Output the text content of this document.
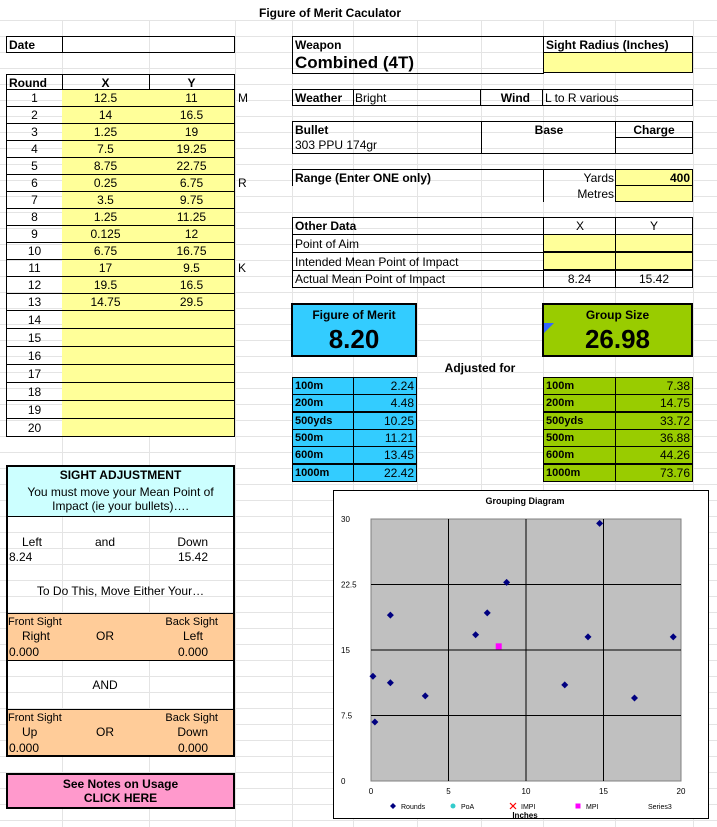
Figure of Merit Caculator
Date
Round	X	Y
1	12.5	11	M
2	14	16.5
3	1.25	19
4	7.5	19.25
5	8.75	22.75
6	0.25	6.75	R
7	3.5	9.75
8	1.25	11.25
9	0.125	12
10	6.75	16.75
11	17	9.5	K
12	19.5	16.5
13	14.75	29.5
14
15
16
17
18
19
20
Weapon
Combined (4T)
Sight Radius (Inches)
Weather	Bright	Wind	L to R various
Bullet	Base	Charge
303 PPU 174gr
Range (Enter ONE only)	Yards	400
Metres
Other Data	X	Y
Point of Aim
Intended Mean Point of Impact
Actual Mean Point of Impact	8.24	15.42
Figure of Merit
8.20
Group Size
26.98
Adjusted for
100m	2.24
200m	4.48
500yds	10.25
500m	11.21
600m	13.45
1000m	22.42
100m	7.38
200m	14.75
500yds	33.72
500m	36.88
600m	44.26
1000m	73.76
SIGHT ADJUSTMENT
You must move your Mean Point of Impact (ie your bullets)….
Left	and	Down
8.24	15.42
To Do This, Move Either Your…
Front Sight	Back Sight
Right	OR	Left
0.000	0.000
AND
Front Sight	Back Sight
Up	OR	Down
0.000	0.000
See Notes on Usage CLICK HERE
Grouping Diagram
Inches
0	5	10	15	20
0
7.5
15
22.5
30
Rounds	PoA	IMPI	MPI	Series3
